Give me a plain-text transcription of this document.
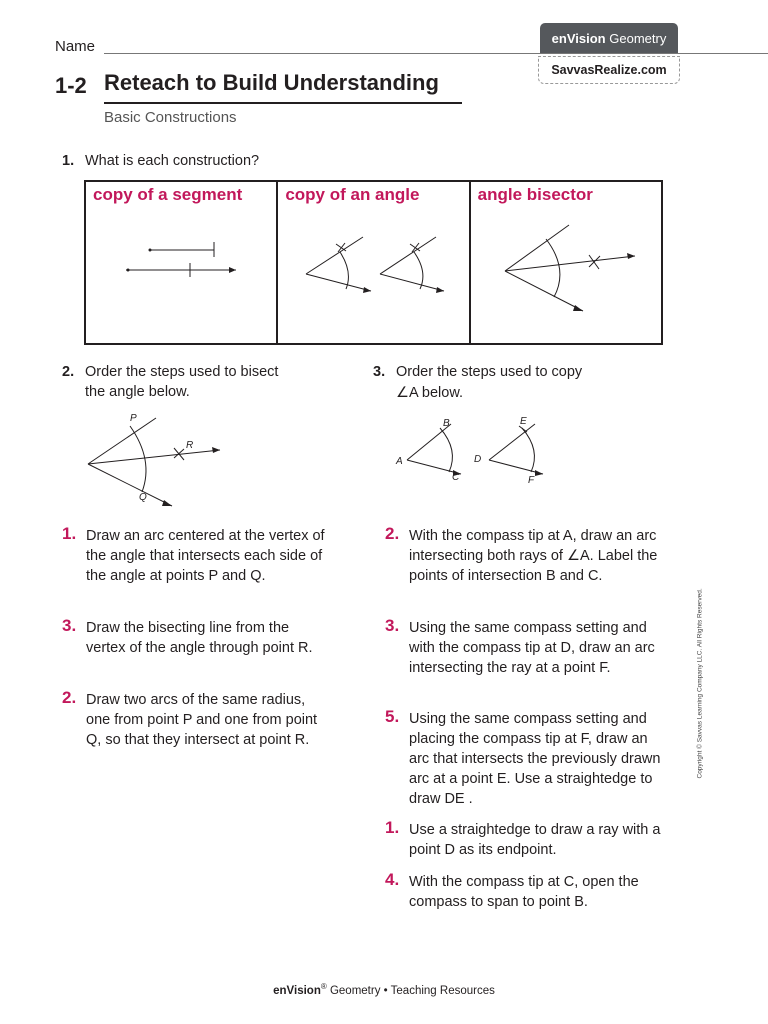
Name	enVision
Geometry
SavvasRealize.com
1-2 Reteach to Build Understanding
Basic Constructions
1. What is each construction?
copy of a segment	copy of an angle	angle bisector
2. Order the steps used to bisect
the angle below.
P
R
Q
3. Order the steps used to copy
∠A below.
A
B
C
D
E
F
1. Draw an arc centered at the vertex of the angle that intersects each side of the angle at points P and Q.
3. Draw the bisecting line from the vertex of the angle through point R.
2. Draw two arcs of the same radius, one from point P and one from point Q, so that they intersect at point R.
2. With the compass tip at A, draw an arc intersecting both rays of ∠A. Label the points of intersection B and C.
3. Using the same compass setting and with the compass tip at D, draw an arc intersecting the ray at a point F.
5. Using the same compass setting and placing the compass tip at F, draw an arc that intersects the previously drawn arc at a point E. Use a straightedge to draw DE .
1. Use a straightedge to draw a ray with a point D as its endpoint.
4. With the compass tip at C, open the compass to span to point B.
Copyright © Savvas Learning Company LLC. All Rights Reserved.
enVision® Geometry • Teaching Resources
